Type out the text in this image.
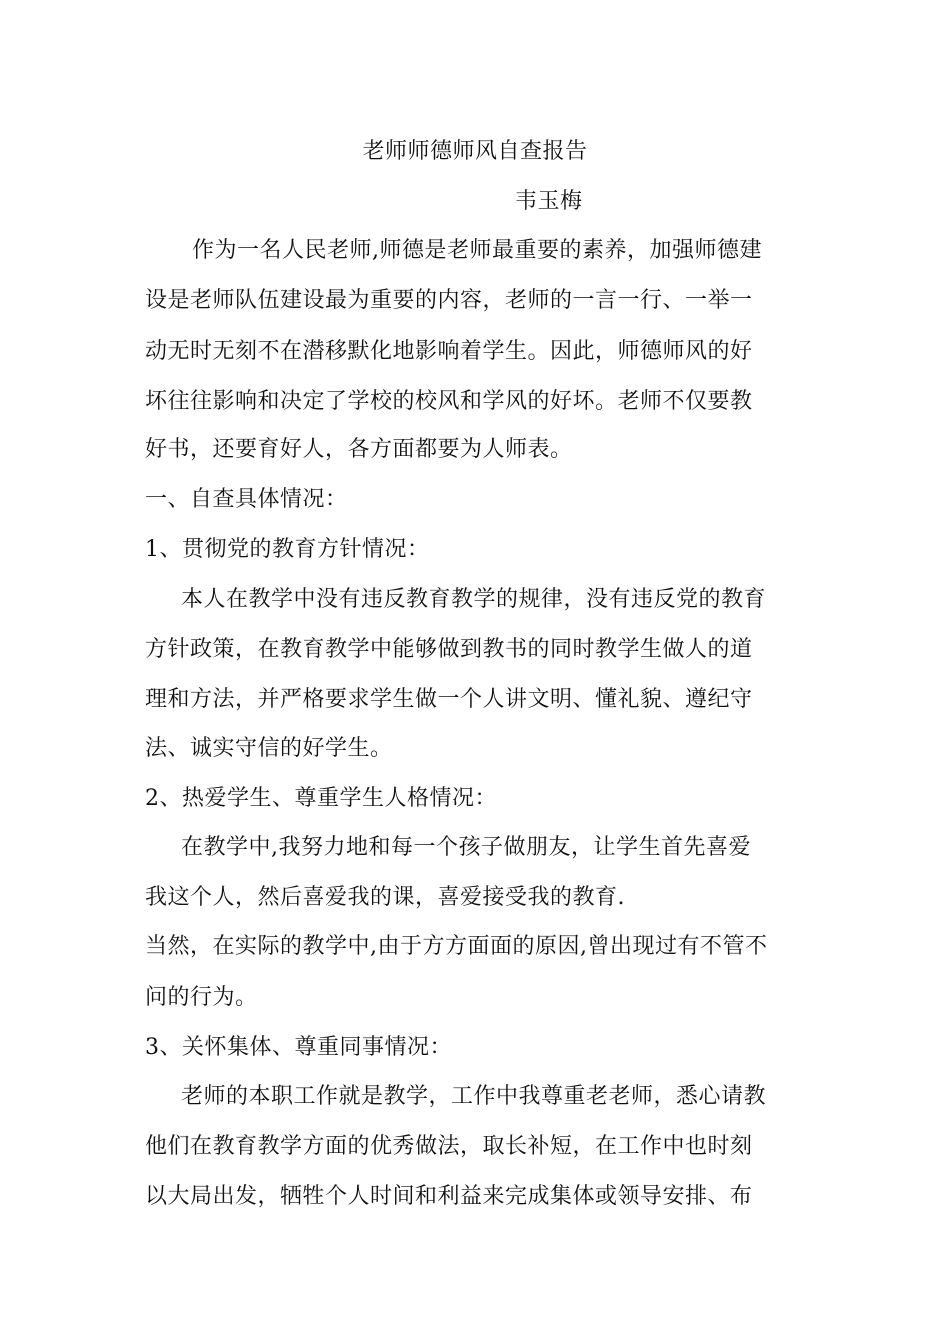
老师师德师风自查报告
韦玉梅
作为一名人民老师,师德是老师最重要的素养，加强师德建
设是老师队伍建设最为重要的内容，老师的一言一行、一举一
动无时无刻不在潜移默化地影响着学生。因此，师德师风的好
坏往往影响和决定了学校的校风和学风的好坏。老师不仅要教
好书，还要育好人，各方面都要为人师表。
一、自查具体情况：
1、贯彻党的教育方针情况：
本人在教学中没有违反教育教学的规律，没有违反党的教育
方针政策，在教育教学中能够做到教书的同时教学生做人的道
理和方法，并严格要求学生做一个人讲文明、懂礼貌、遵纪守
法、诚实守信的好学生。
2、热爱学生、尊重学生人格情况：
在教学中,我努力地和每一个孩子做朋友，让学生首先喜爱
我这个人，然后喜爱我的课，喜爱接受我的教育.
当然，在实际的教学中,由于方方面面的原因,曾出现过有不管不
问的行为。
3、关怀集体、尊重同事情况：
老师的本职工作就是教学，工作中我尊重老老师，悉心请教
他们在教育教学方面的优秀做法，取长补短，在工作中也时刻
以大局出发，牺牲个人时间和利益来完成集体或领导安排、布
